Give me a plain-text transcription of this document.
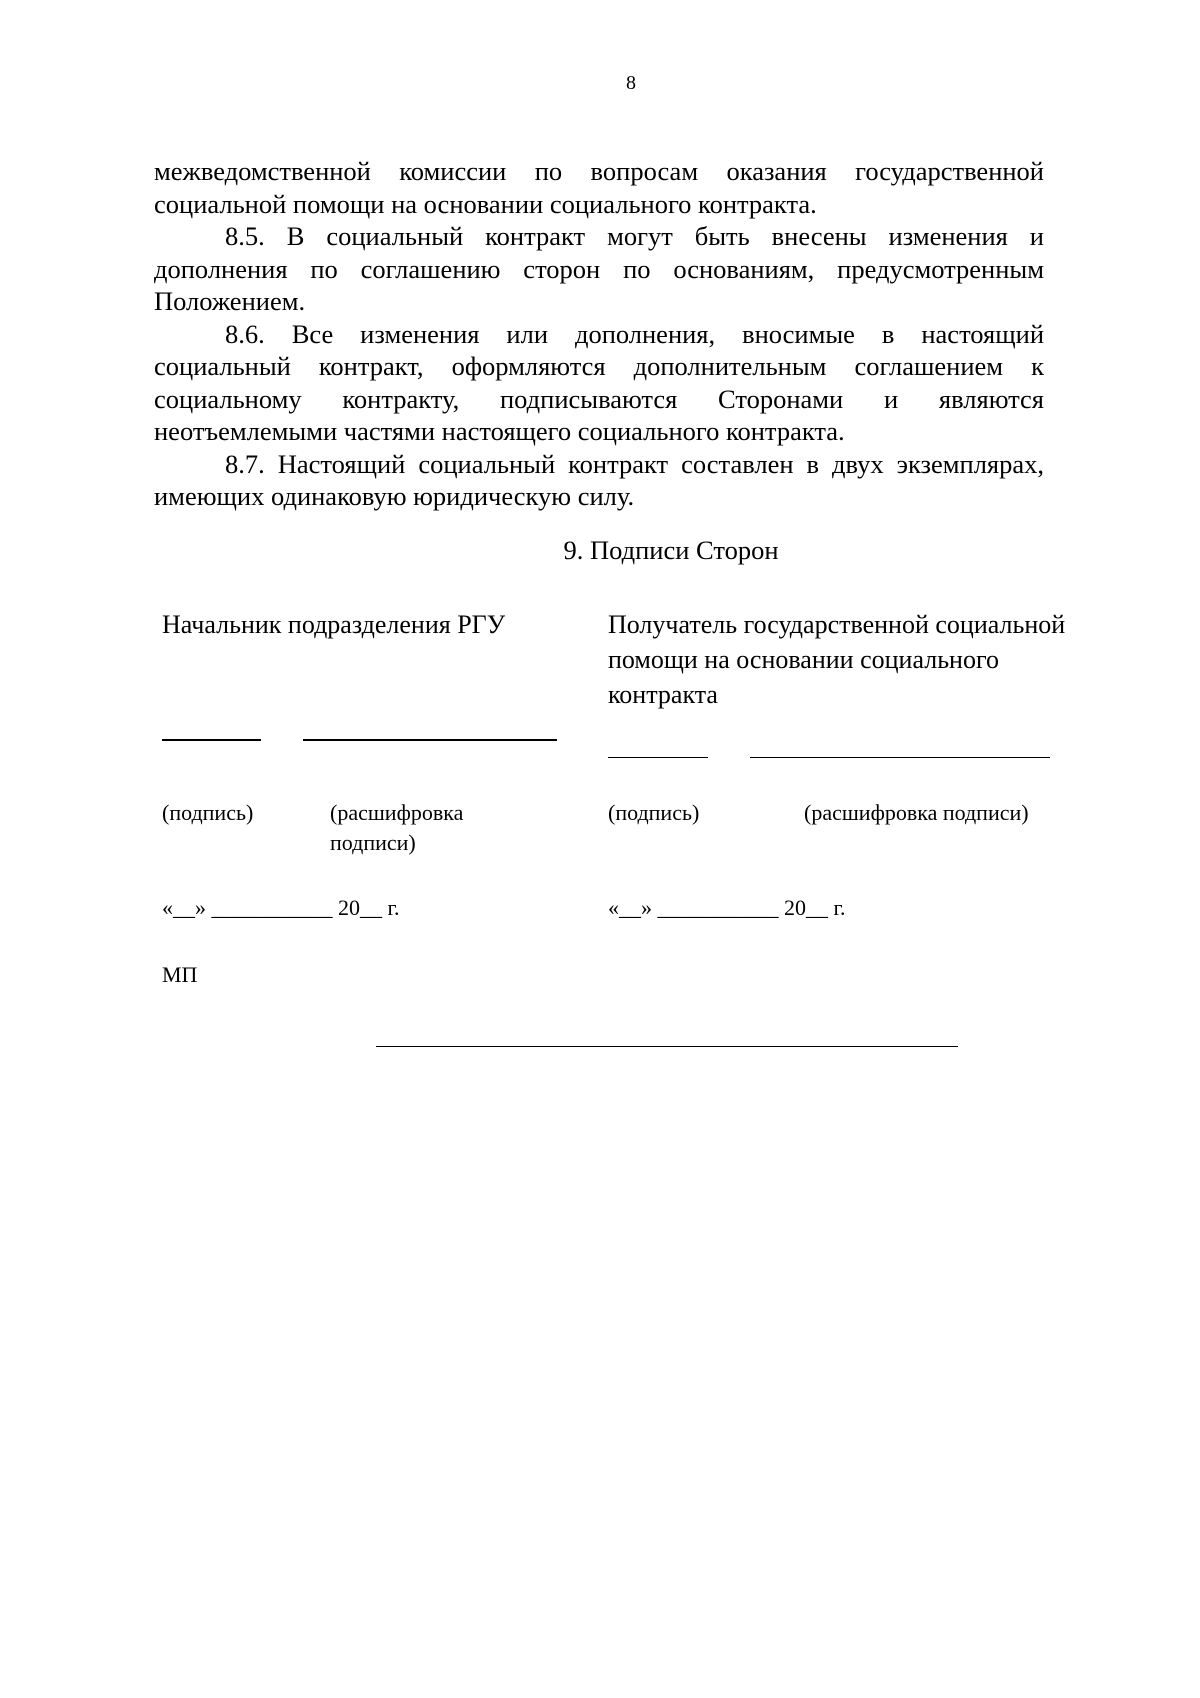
8

межведомственной комиссии по вопросам оказания государственной социальной помощи на основании социального контракта.

8.5. В социальный контракт могут быть внесены изменения и дополнения по соглашению сторон по основаниям, предусмотренным Положением.

8.6. Все изменения или дополнения, вносимые в настоящий социальный контракт, оформляются дополнительным соглашением к социальному контракту, подписываются Сторонами и являются неотъемлемыми частями настоящего социального контракта.

8.7. Настоящий социальный контракт составлен в двух экземплярах, имеющих одинаковую юридическую силу.

9. Подписи Сторон
Начальник подразделения РГУ
(подпись)	(расшифровка подписи)
«__» ___________ 20__ г.
МП
Получатель государственной социальной помощи на основании социального контракта
(подпись)	(расшифровка подписи)
«__» ___________ 20__ г.
